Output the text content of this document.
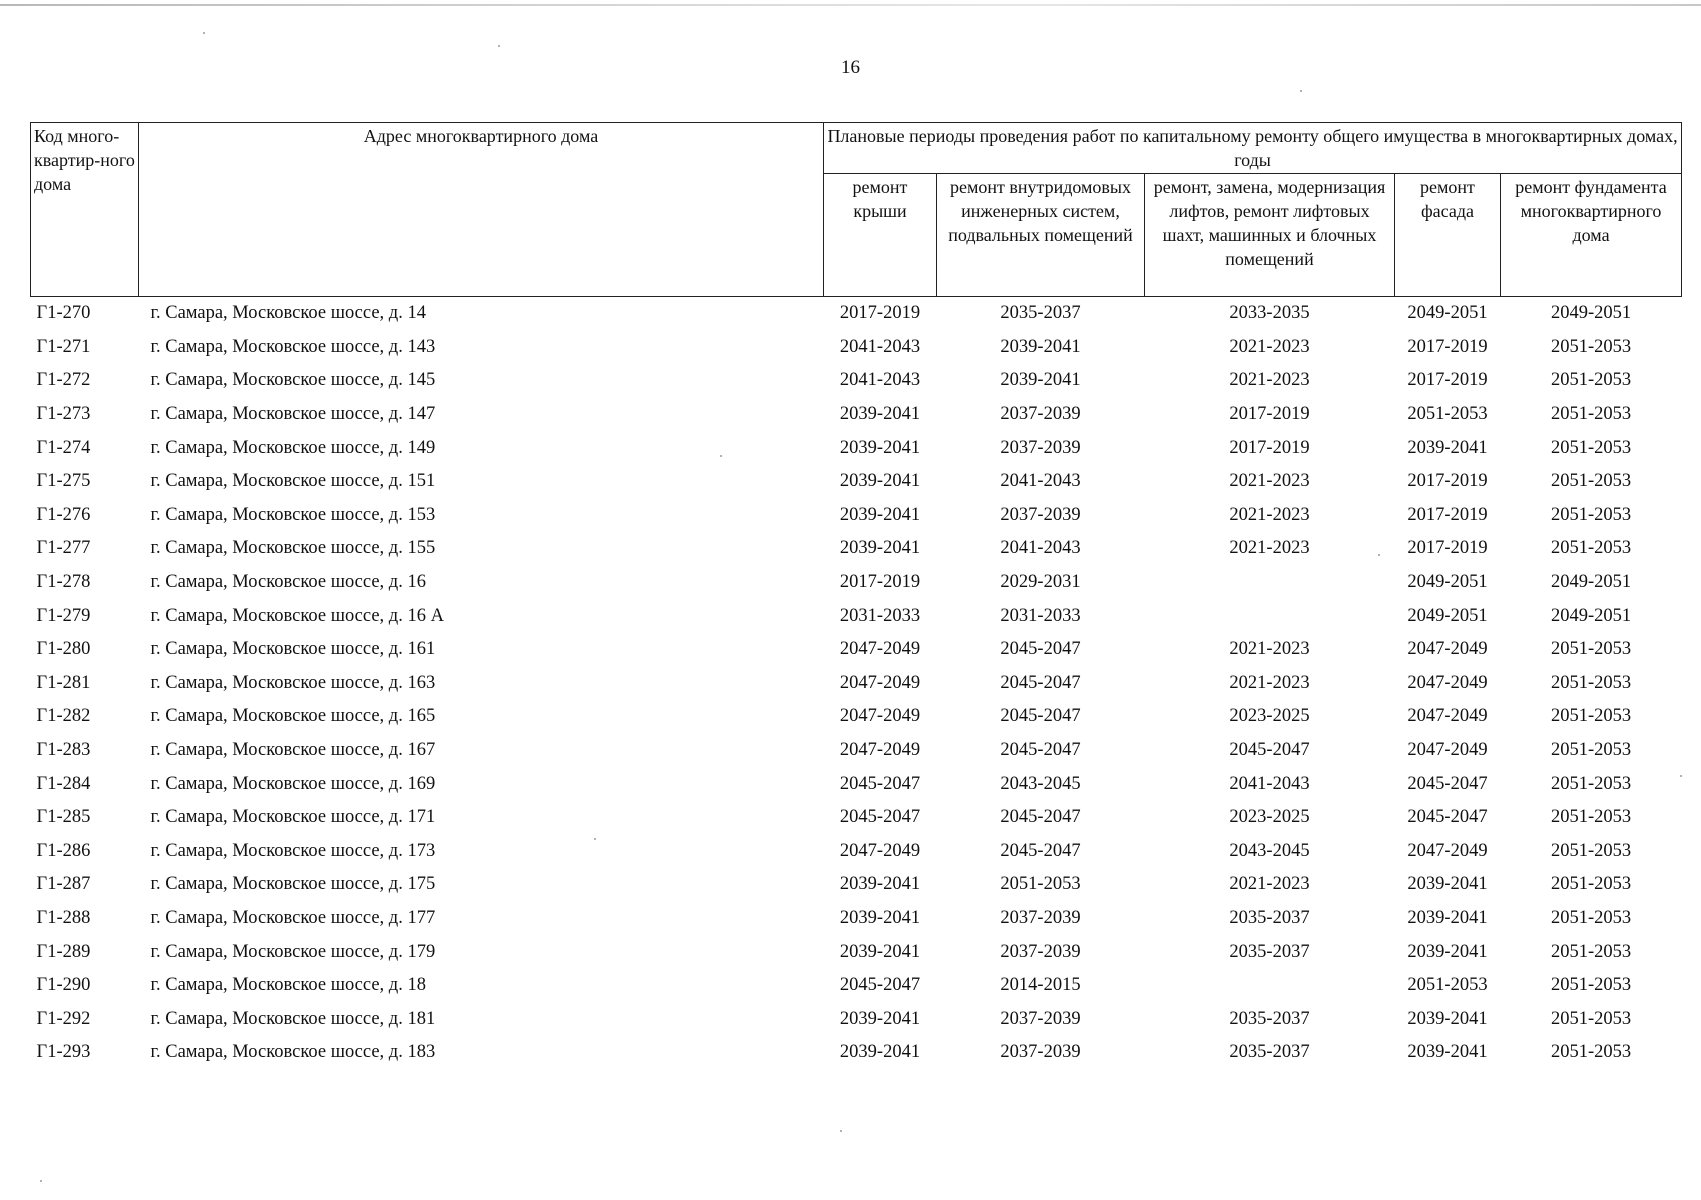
16
Код много-квартир-ного дома	Адрес многоквартирного дома	Плановые периоды проведения работ по капитальному ремонту общего имущества в многоквартирных домах, годы				
		ремонт крыши	ремонт внутридомовых инженерных систем, подвальных помещений	ремонт, замена, модернизация лифтов, ремонт лифтовых шахт, машинных и блочных помещений	ремонт фасада	ремонт фундамента многоквартирного дома
Г1-270	г. Самара, Московское шоссе, д. 14	2017-2019	2035-2037	2033-2035	2049-2051	2049-2051
Г1-271	г. Самара, Московское шоссе, д. 143	2041-2043	2039-2041	2021-2023	2017-2019	2051-2053
Г1-272	г. Самара, Московское шоссе, д. 145	2041-2043	2039-2041	2021-2023	2017-2019	2051-2053
Г1-273	г. Самара, Московское шоссе, д. 147	2039-2041	2037-2039	2017-2019	2051-2053	2051-2053
Г1-274	г. Самара, Московское шоссе, д. 149	2039-2041	2037-2039	2017-2019	2039-2041	2051-2053
Г1-275	г. Самара, Московское шоссе, д. 151	2039-2041	2041-2043	2021-2023	2017-2019	2051-2053
Г1-276	г. Самара, Московское шоссе, д. 153	2039-2041	2037-2039	2021-2023	2017-2019	2051-2053
Г1-277	г. Самара, Московское шоссе, д. 155	2039-2041	2041-2043	2021-2023	2017-2019	2051-2053
Г1-278	г. Самара, Московское шоссе, д. 16	2017-2019	2029-2031		2049-2051	2049-2051
Г1-279	г. Самара, Московское шоссе, д. 16 А	2031-2033	2031-2033		2049-2051	2049-2051
Г1-280	г. Самара, Московское шоссе, д. 161	2047-2049	2045-2047	2021-2023	2047-2049	2051-2053
Г1-281	г. Самара, Московское шоссе, д. 163	2047-2049	2045-2047	2021-2023	2047-2049	2051-2053
Г1-282	г. Самара, Московское шоссе, д. 165	2047-2049	2045-2047	2023-2025	2047-2049	2051-2053
Г1-283	г. Самара, Московское шоссе, д. 167	2047-2049	2045-2047	2045-2047	2047-2049	2051-2053
Г1-284	г. Самара, Московское шоссе, д. 169	2045-2047	2043-2045	2041-2043	2045-2047	2051-2053
Г1-285	г. Самара, Московское шоссе, д. 171	2045-2047	2045-2047	2023-2025	2045-2047	2051-2053
Г1-286	г. Самара, Московское шоссе, д. 173	2047-2049	2045-2047	2043-2045	2047-2049	2051-2053
Г1-287	г. Самара, Московское шоссе, д. 175	2039-2041	2051-2053	2021-2023	2039-2041	2051-2053
Г1-288	г. Самара, Московское шоссе, д. 177	2039-2041	2037-2039	2035-2037	2039-2041	2051-2053
Г1-289	г. Самара, Московское шоссе, д. 179	2039-2041	2037-2039	2035-2037	2039-2041	2051-2053
Г1-290	г. Самара, Московское шоссе, д. 18	2045-2047	2014-2015		2051-2053	2051-2053
Г1-292	г. Самара, Московское шоссе, д. 181	2039-2041	2037-2039	2035-2037	2039-2041	2051-2053
Г1-293	г. Самара, Московское шоссе, д. 183	2039-2041	2037-2039	2035-2037	2039-2041	2051-2053
